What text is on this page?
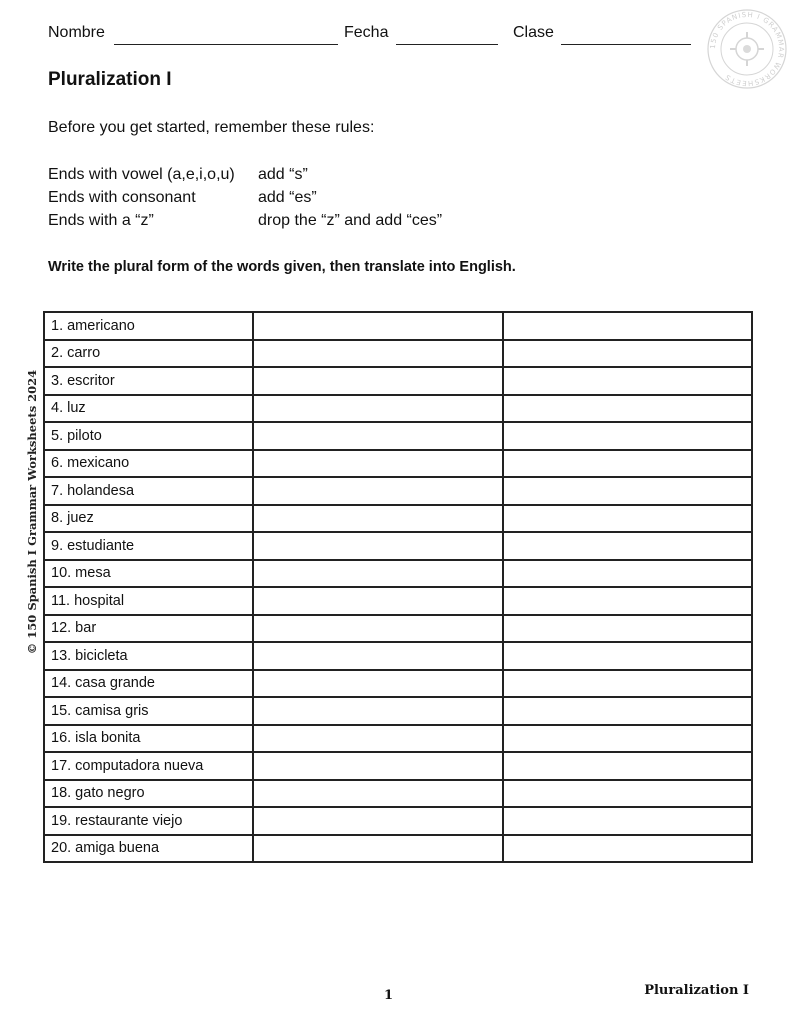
Nombre	Fecha	Clase
150 SPANISH I GRAMMAR WORKSHEETS
Pluralization I
Before you get started, remember these rules:
Ends with vowel (a,e,i,o,u) add “s”
Ends with consonant	add “es”
Ends with a “z”	drop the “z” and add “ces”
Write the plural form of the words given, then translate into English.
1. americano		
2. carro		
3. escritor		
4. luz		
5. piloto		
6. mexicano		
7. holandesa		
8. juez		
9. estudiante		
10. mesa		
11. hospital		
12. bar		
13. bicicleta		
14. casa grande		
15. camisa gris		
16. isla bonita		
17. computadora nueva		
18. gato negro		
19. restaurante viejo		
20. amiga buena		
© 150 Spanish I Grammar Worksheets 2024
1	Pluralization I
